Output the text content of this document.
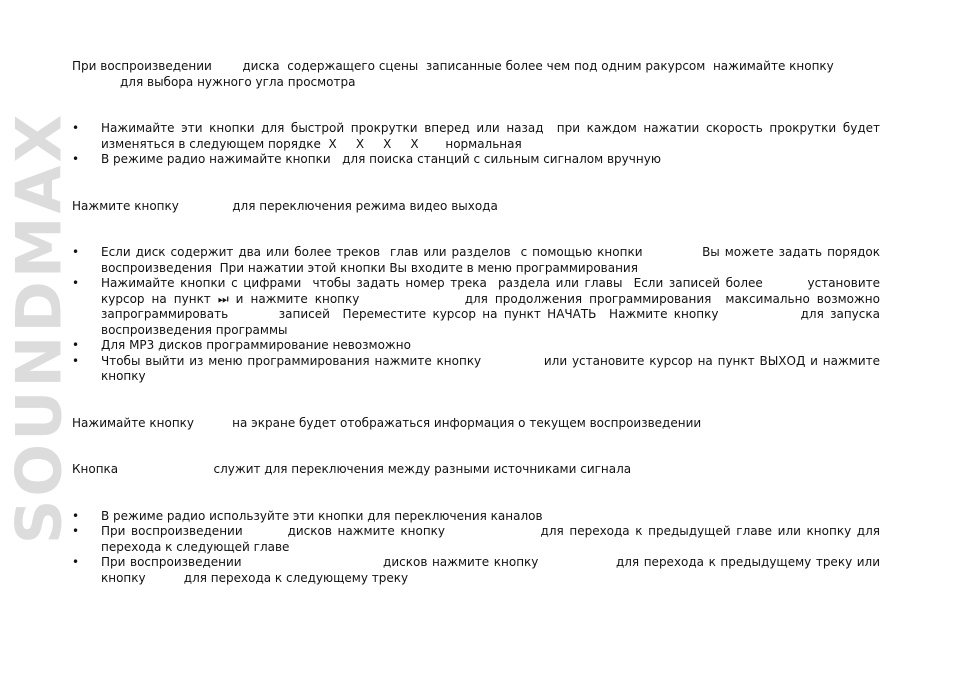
SOUNDMAX

При воспроизведении        диска  содержащего сцены  записанные более чем под одним ракурсом  нажимайте кнопку

для выбора нужного угла просмотра

• Нажимайте эти кнопки для быстрой прокрутки вперед или назад  при каждом нажатии скорость прокрутки будет изменяться в следующем порядке  X     X     X     X       нормальная
• В режиме радио нажимайте кнопки   для поиска станций с сильным сигналом вручную

Нажмите кнопку              для переключения режима видео выхода

• Если диск содержит два или более треков  глав или разделов  с помощью кнопки            Вы можете задать порядок воспроизведения  При нажатии этой кнопки Вы входите в меню программирования
• Нажимайте кнопки с цифрами  чтобы задать номер трека  раздела или главы  Если записей более        установите курсор на пункт ⏭ и нажмите кнопку               для продолжения программирования  максимально возможно запрограммировать        записей  Переместите курсор на пункт НАЧАТЬ  Нажмите кнопку             для запуска воспроизведения программы
• Для MP3 дисков программирование невозможно
• Чтобы выйти из меню программирования нажмите кнопку             или установите курсор на пункт ВЫХОД и нажмите кнопку

Нажимайте кнопку          на экране будет отображаться информация о текущем воспроизведении

Кнопка                         служит для переключения между разными источниками сигнала

• В режиме радио используйте эти кнопки для переключения каналов
• При воспроизведении        дисков нажмите кнопку                 для перехода к предыдущей главе или кнопку для перехода к следующей главе
• При воспроизведении                               дисков нажмите кнопку                 для перехода к предыдущему треку или кнопку          для перехода к следующему треку
